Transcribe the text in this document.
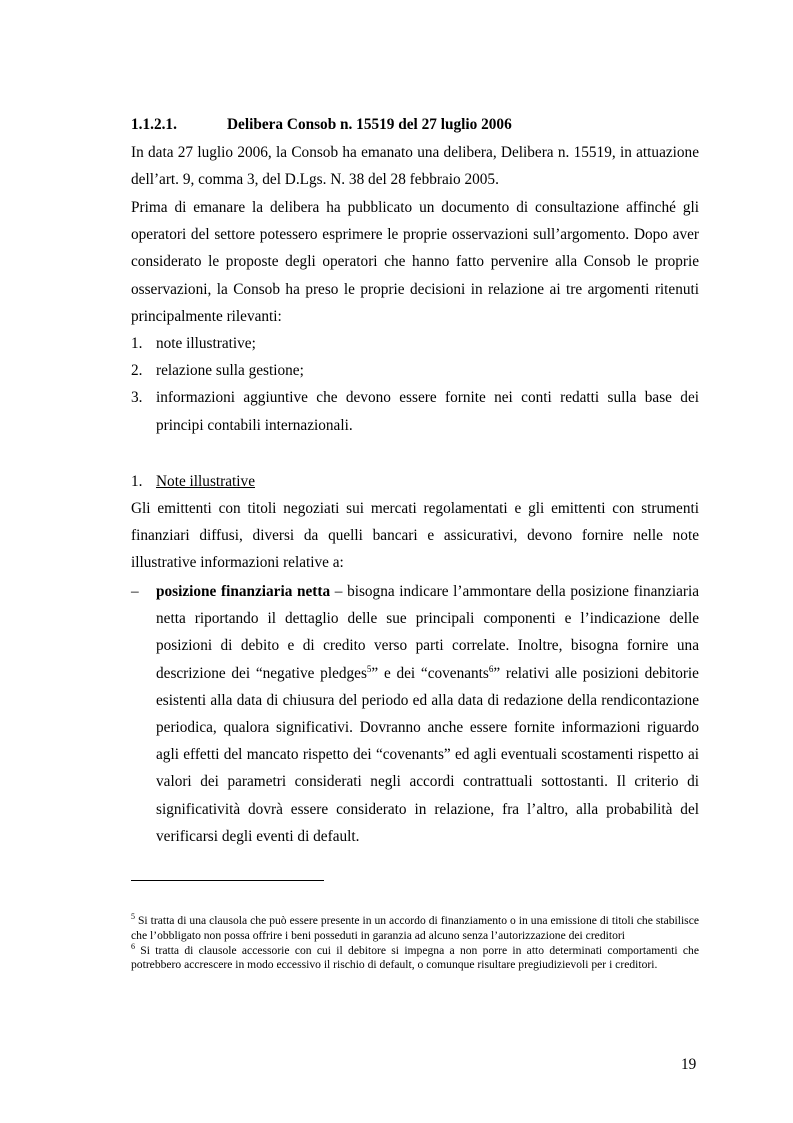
1.1.2.1.	Delibera Consob n. 15519 del 27 luglio 2006

In data 27 luglio 2006, la Consob ha emanato una delibera, Delibera n. 15519, in attuazione dell’art. 9, comma 3, del D.Lgs. N. 38 del 28 febbraio 2005.

Prima di emanare la delibera ha pubblicato un documento di consultazione affinché gli operatori del settore potessero esprimere le proprie osservazioni sull’argomento. Dopo aver considerato le proposte degli operatori che hanno fatto pervenire alla Consob le proprie osservazioni, la Consob ha preso le proprie decisioni in relazione ai tre argomenti ritenuti principalmente rilevanti:

1. note illustrative;
2. relazione sulla gestione;
3. informazioni aggiuntive che devono essere fornite nei conti redatti sulla base dei principi contabili internazionali.
1. Note illustrative

Gli emittenti con titoli negoziati sui mercati regolamentati e gli emittenti con strumenti finanziari diffusi, diversi da quelli bancari e assicurativi, devono fornire nelle note illustrative informazioni relative a:

– posizione finanziaria netta – bisogna indicare l’ammontare della posizione finanziaria netta riportando il dettaglio delle sue principali componenti e l’indicazione delle posizioni di debito e di credito verso parti correlate. Inoltre, bisogna fornire una descrizione dei “negative pledges$^5$” e dei “covenants$^6$” relativi alle posizioni debitorie esistenti alla data di chiusura del periodo ed alla data di redazione della rendicontazione periodica, qualora significativi. Dovranno anche essere fornite informazioni riguardo agli effetti del mancato rispetto dei “covenants” ed agli eventuali scostamenti rispetto ai valori dei parametri considerati negli accordi contrattuali sottostanti. Il criterio di significatività dovrà essere considerato in relazione, fra l’altro, alla probabilità del verificarsi degli eventi di default.

$^5$ Si tratta di una clausola che può essere presente in un accordo di finanziamento o in una emissione di titoli che stabilisce che l’obbligato non possa offrire i beni posseduti in garanzia ad alcuno senza l’autorizzazione dei creditori

$^6$ Si tratta di clausole accessorie con cui il debitore si impegna a non porre in atto determinati comportamenti che potrebbero accrescere in modo eccessivo il rischio di default, o comunque risultare pregiudizievoli per i creditori.

19
